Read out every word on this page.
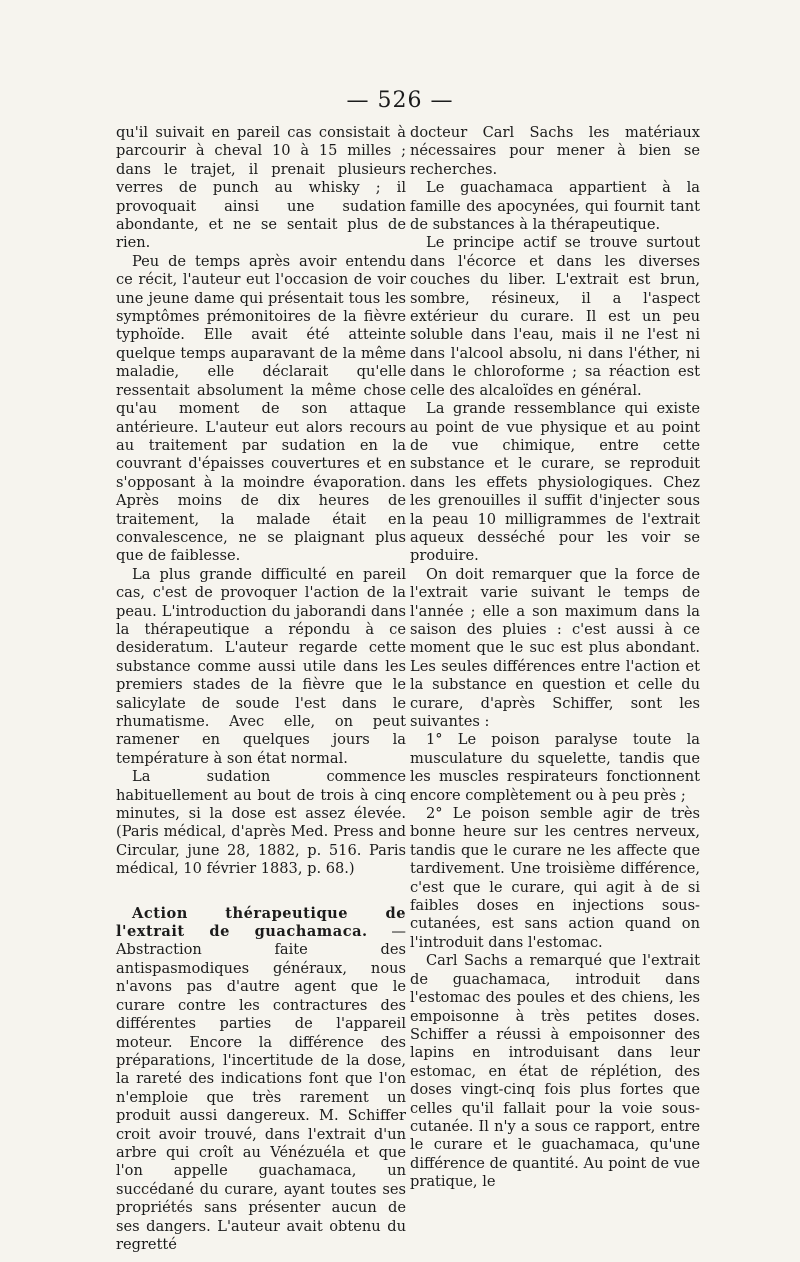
— 526 —

qu'il suivait en pareil cas consistait à parcourir à cheval 10 à 15 milles ; dans le trajet, il prenait plusieurs verres de punch au whisky ; il provoquait ainsi une sudation abondante, et ne se sentait plus de rien.

Peu de temps après avoir entendu ce récit, l'auteur eut l'occasion de voir une jeune dame qui présentait tous les symptômes prémonitoires de la fièvre typhoïde. Elle avait été atteinte quelque temps auparavant de la même maladie, elle déclarait qu'elle ressentait absolument la même chose qu'au moment de son attaque antérieure. L'auteur eut alors recours au traitement par sudation en la couvrant d'épaisses couvertures et en s'opposant à la moindre évaporation. Après moins de dix heures de traitement, la malade était en convalescence, ne se plaignant plus que de faiblesse.

La plus grande difficulté en pareil cas, c'est de provoquer l'action de la peau. L'introduction du jaborandi dans la thérapeutique a répondu à ce desideratum. L'auteur regarde cette substance comme aussi utile dans les premiers stades de la fièvre que le salicylate de soude l'est dans le rhumatisme. Avec elle, on peut ramener en quelques jours la température à son état normal.

La sudation commence habituellement au bout de trois à cinq minutes, si la dose est assez élevée. (Paris médical, d'après Med. Press and Circular, june 28, 1882, p. 516. Paris médical, 10 février 1883, p. 68.)

Action thérapeutique de l'extrait de guachamaca. — Abstraction faite des antispasmodiques généraux, nous n'avons pas d'autre agent que le curare contre les contractures des différentes parties de l'appareil moteur. Encore la différence des préparations, l'incertitude de la dose, la rareté des indications font que l'on n'emploie que très rarement un produit aussi dangereux. M. Schiffer croit avoir trouvé, dans l'extrait d'un arbre qui croît au Vénézuéla et que l'on appelle guachamaca, un succédané du curare, ayant toutes ses propriétés sans présenter aucun de ses dangers. L'auteur avait obtenu du regretté

docteur Carl Sachs les matériaux nécessaires pour mener à bien se recherches.

Le guachamaca appartient à la famille des apocynées, qui fournit tant de substances à la thérapeutique.

Le principe actif se trouve surtout dans l'écorce et dans les diverses couches du liber. L'extrait est brun, sombre, résineux, il a l'aspect extérieur du curare. Il est un peu soluble dans l'eau, mais il ne l'est ni dans l'alcool absolu, ni dans l'éther, ni dans le chloroforme ; sa réaction est celle des alcaloïdes en général.

La grande ressemblance qui existe au point de vue physique et au point de vue chimique, entre cette substance et le curare, se reproduit dans les effets physiologiques. Chez les grenouilles il suffit d'injecter sous la peau 10 milligrammes de l'extrait aqueux desséché pour les voir se produire.

On doit remarquer que la force de l'extrait varie suivant le temps de l'année ; elle a son maximum dans la saison des pluies : c'est aussi à ce moment que le suc est plus abondant. Les seules différences entre l'action et la substance en question et celle du curare, d'après Schiffer, sont les suivantes :

1° Le poison paralyse toute la musculature du squelette, tandis que les muscles respirateurs fonctionnent encore complètement ou à peu près ;

2° Le poison semble agir de très bonne heure sur les centres nerveux, tandis que le curare ne les affecte que tardivement. Une troisième différence, c'est que le curare, qui agit à de si faibles doses en injections sous-cutanées, est sans action quand on l'introduit dans l'estomac.

Carl Sachs a remarqué que l'extrait de guachamaca, introduit dans l'estomac des poules et des chiens, les empoisonne à très petites doses. Schiffer a réussi à empoisonner des lapins en introduisant dans leur estomac, en état de réplétion, des doses vingt-cinq fois plus fortes que celles qu'il fallait pour la voie sous-cutanée. Il n'y a sous ce rapport, entre le curare et le guachamaca, qu'une différence de quantité. Au point de vue pratique, le
